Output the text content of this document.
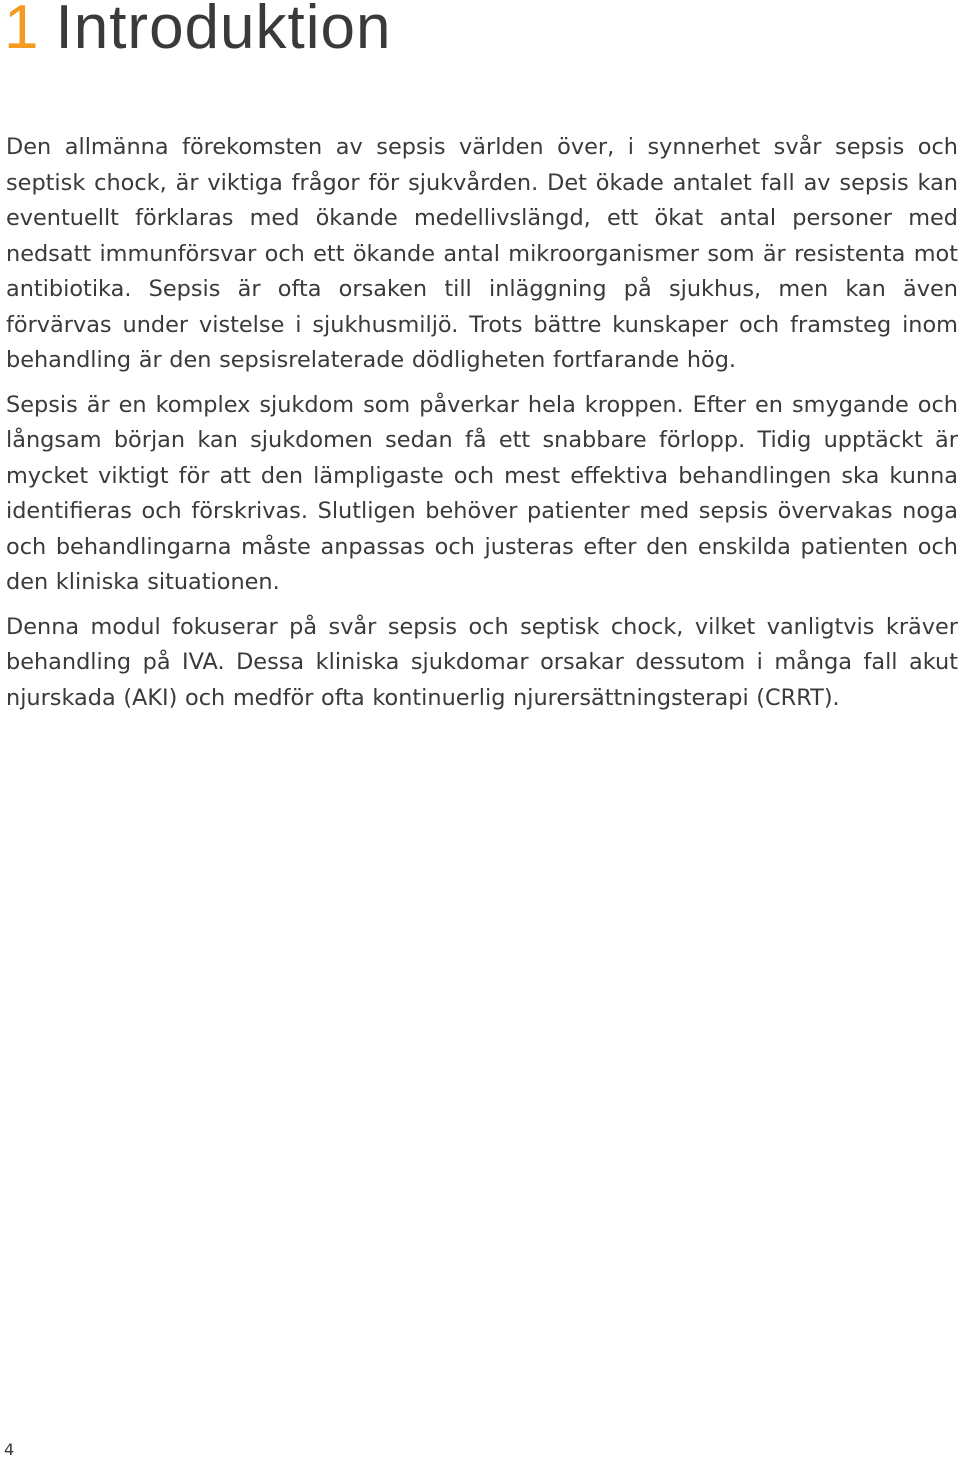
1 Introduktion

Den allmänna förekomsten av sepsis världen över, i synnerhet svår sepsis och septisk chock, är viktiga frågor för sjukvården. Det ökade antalet fall av sepsis kan eventuellt förklaras med ökande medellivslängd, ett ökat antal personer med nedsatt immunförsvar och ett ökande antal mikroorganismer som är resistenta mot antibiotika. Sepsis är ofta orsaken till inläggning på sjukhus, men kan även förvärvas under vistelse i sjukhusmiljö. Trots bättre kunskaper och framsteg inom behandling är den sepsisrelaterade dödligheten fortfarande hög.

Sepsis är en komplex sjukdom som påverkar hela kroppen. Efter en smygande och långsam början kan sjukdomen sedan få ett snabbare förlopp. Tidig upptäckt är mycket viktigt för att den lämpligaste och mest effektiva behandlingen ska kunna identifieras och förskrivas. Slutligen behöver patienter med sepsis övervakas noga och behandlingarna måste anpassas och justeras efter den enskilda patienten och den kliniska situationen.

Denna modul fokuserar på svår sepsis och septisk chock, vilket vanligtvis kräver behandling på IVA. Dessa kliniska sjukdomar orsakar dessutom i många fall akut njurskada (AKI) och medför ofta kontinuerlig njurersättningsterapi (CRRT).

4
